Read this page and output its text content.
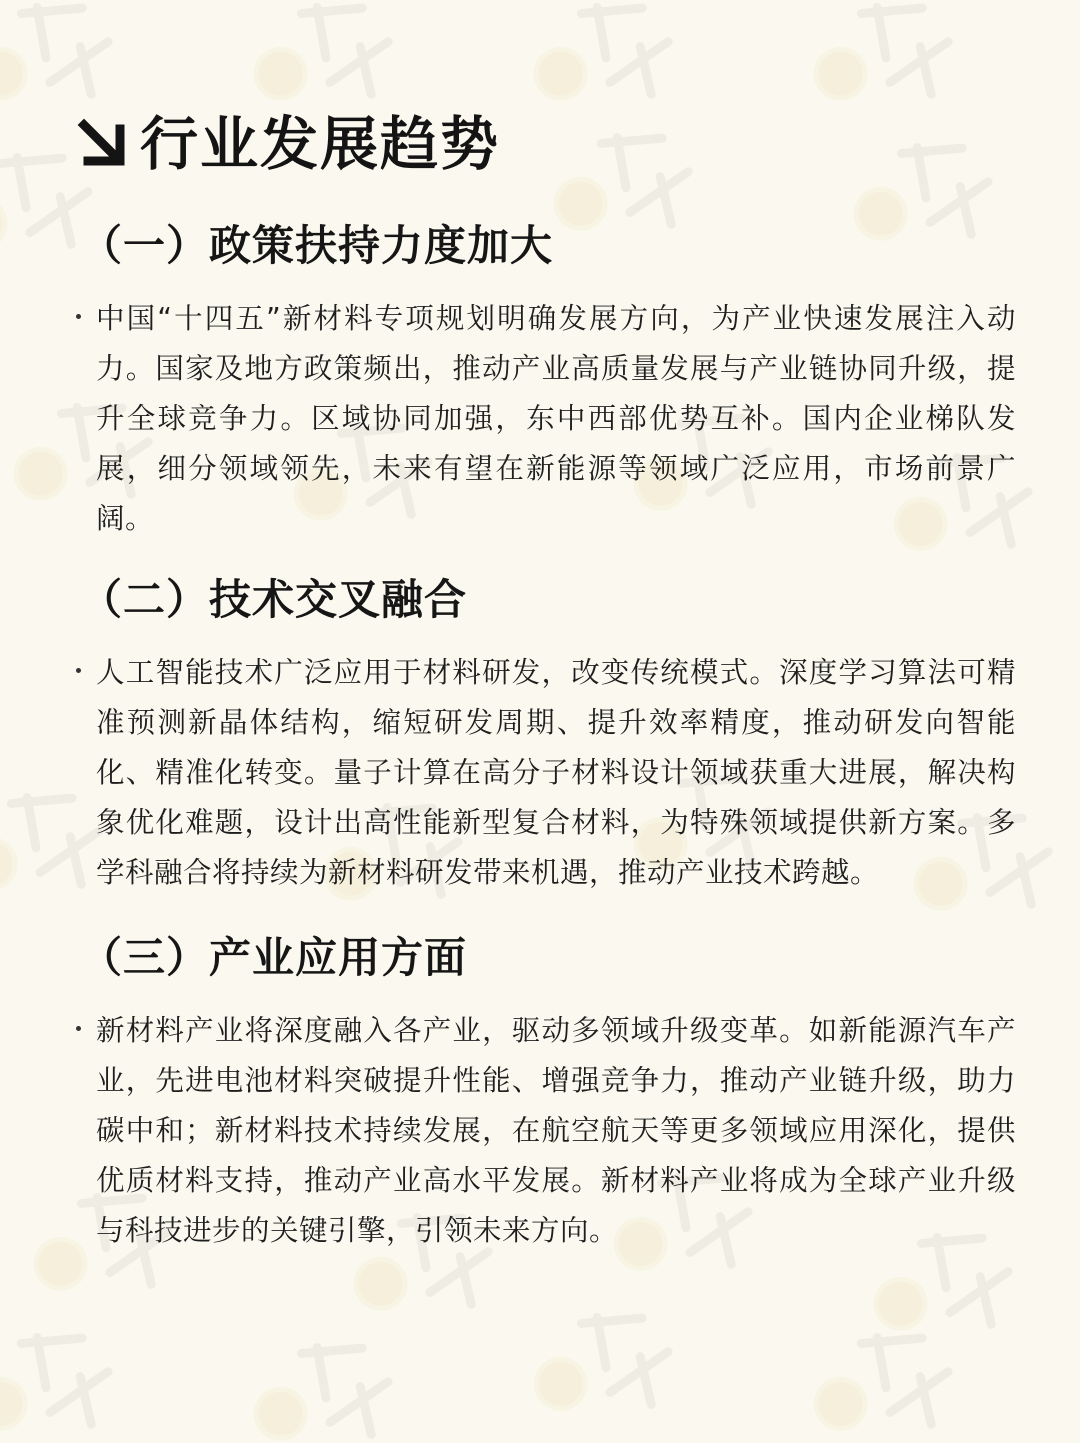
行业发展趋势
（一）政策扶持力度加大

中国“十四五”新材料专项规划明确发展方向，为产业快速发展注入动力。国家及地方政策频出，推动产业高质量发展与产业链协同升级，提升全球竞争力。区域协同加强，东中西部优势互补。国内企业梯队发展，细分领域领先，未来有望在新能源等领域广泛应用，市场前景广阔。

（二）技术交叉融合

人工智能技术广泛应用于材料研发，改变传统模式。深度学习算法可精准预测新晶体结构，缩短研发周期、提升效率精度，推动研发向智能化、精准化转变。量子计算在高分子材料设计领域获重大进展，解决构象优化难题，设计出高性能新型复合材料，为特殊领域提供新方案。多学科融合将持续为新材料研发带来机遇，推动产业技术跨越。

（三）产业应用方面

新材料产业将深度融入各产业，驱动多领域升级变革。如新能源汽车产业，先进电池材料突破提升性能、增强竞争力，推动产业链升级，助力碳中和；新材料技术持续发展，在航空航天等更多领域应用深化，提供优质材料支持，推动产业高水平发展。新材料产业将成为全球产业升级与科技进步的关键引擎，引领未来方向。
